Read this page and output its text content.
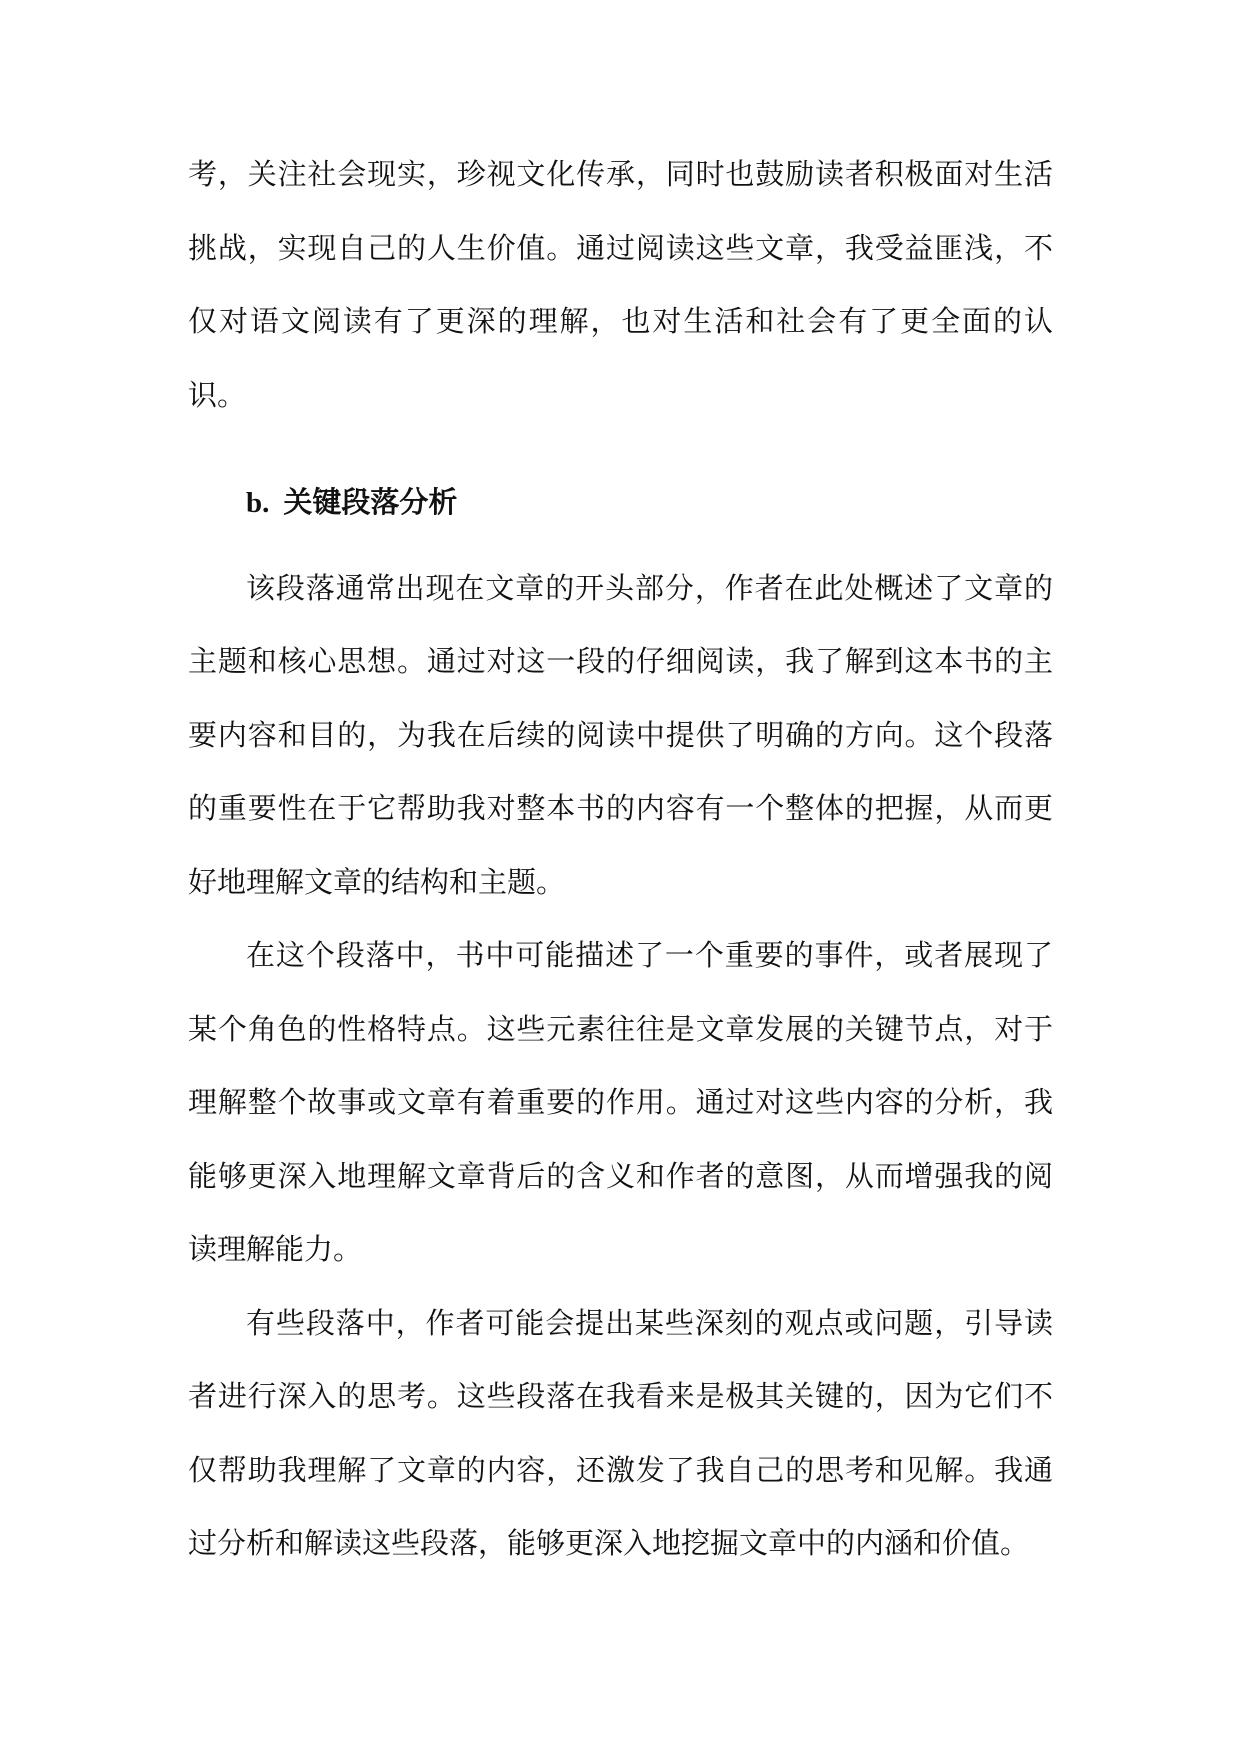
考，关注社会现实，珍视文化传承，同时也鼓励读者积极面对生活挑战，实现自己的人生价值。通过阅读这些文章，我受益匪浅，不仅对语文阅读有了更深的理解，也对生活和社会有了更全面的认识。

b. 关键段落分析

该段落通常出现在文章的开头部分，作者在此处概述了文章的主题和核心思想。通过对这一段的仔细阅读，我了解到这本书的主要内容和目的，为我在后续的阅读中提供了明确的方向。这个段落的重要性在于它帮助我对整本书的内容有一个整体的把握，从而更好地理解文章的结构和主题。

在这个段落中，书中可能描述了一个重要的事件，或者展现了某个角色的性格特点。这些元素往往是文章发展的关键节点，对于理解整个故事或文章有着重要的作用。通过对这些内容的分析，我能够更深入地理解文章背后的含义和作者的意图，从而增强我的阅读理解能力。

有些段落中，作者可能会提出某些深刻的观点或问题，引导读者进行深入的思考。这些段落在我看来是极其关键的，因为它们不仅帮助我理解了文章的内容，还激发了我自己的思考和见解。我通过分析和解读这些段落，能够更深入地挖掘文章中的内涵和价值。
